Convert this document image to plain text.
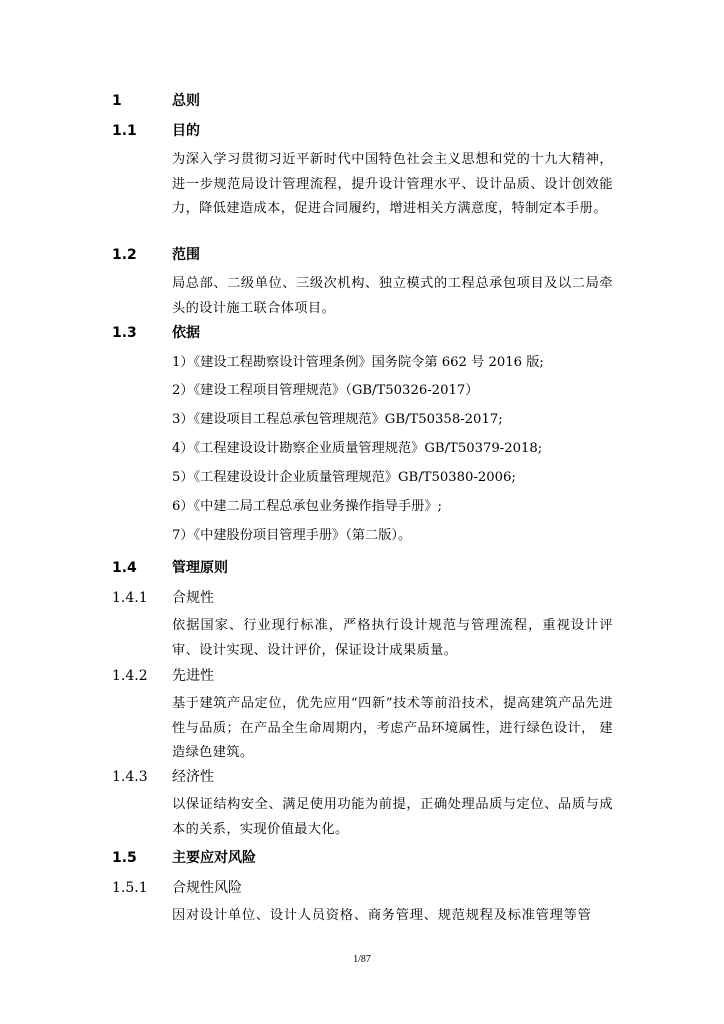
1	总则
1.1	目的
为深入学习贯彻习近平新时代中国特色社会主义思想和党的十九大精神，进一步规范局设计管理流程，提升设计管理水平、设计品质、设计创效能力，降低建造成本，促进合同履约，增进相关方满意度，特制定本手册。
1.2	范围
局总部、二级单位、三级次机构、独立模式的工程总承包项目及以二局牵头的设计施工联合体项目。
1.3	依据
1）《建设工程勘察设计管理条例》国务院令第 662 号 2016 版;
2）《建设工程项目管理规范》（GB/T50326-2017）
3）《建设项目工程总承包管理规范》GB/T50358-2017;
4）《工程建设设计勘察企业质量管理规范》GB/T50379-2018;
5）《工程建设设计企业质量管理规范》GB/T50380-2006;
6）《中建二局工程总承包业务操作指导手册》;
7）《中建股份项目管理手册》（第二版）。
1.4	管理原则
1.4.1 合规性
依据国家、行业现行标准，严格执行设计规范与管理流程，重视设计评审、设计实现、设计评价，保证设计成果质量。
1.4.2 先进性
基于建筑产品定位，优先应用“四新”技术等前沿技术，提高建筑产品先进性与品质；在产品全生命周期内，考虑产品环境属性，进行绿色设计， 建造绿色建筑。
1.4.3 经济性
以保证结构安全、满足使用功能为前提，正确处理品质与定位、品质与成本的关系，实现价值最大化。
1.5	主要应对风险
1.5.1 合规性风险
因对设计单位、设计人员资格、商务管理、规范规程及标准管理等管
1/87
